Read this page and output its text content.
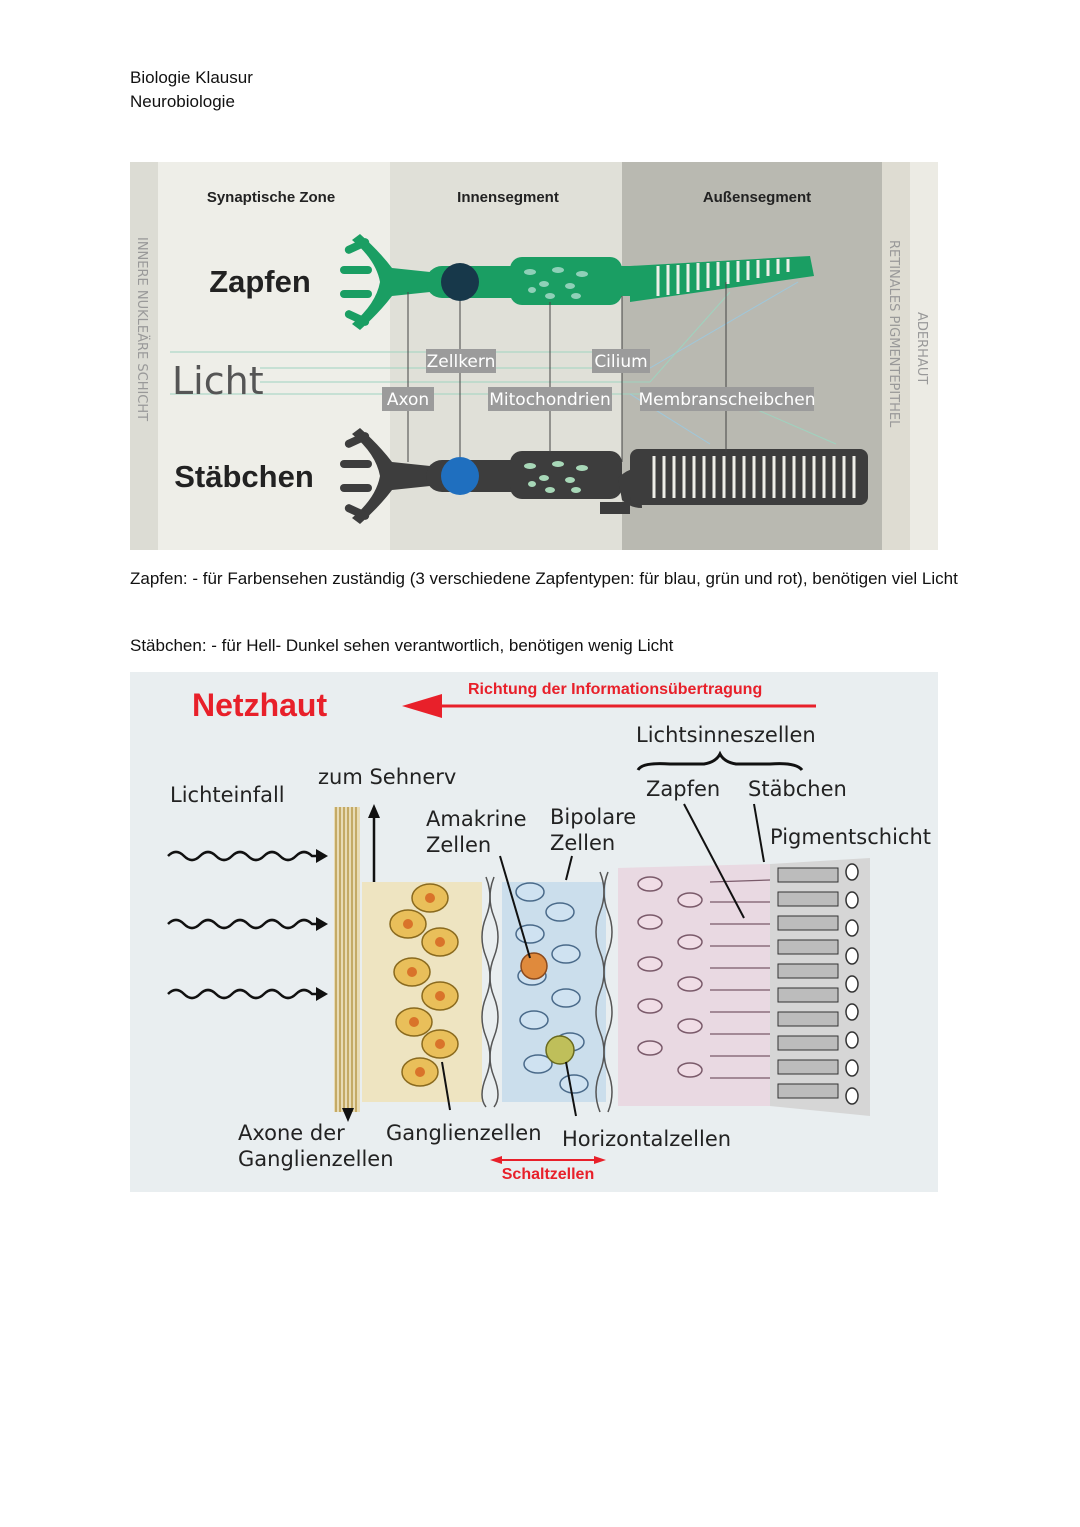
Biologie Klausur
Neurobiologie
Synaptische Zone	Innensegment	Außensegment
INNERE NUKLEÄRE SCHICHT	RETINALES PIGMENTEPITHEL ADERHAUT
Zapfen
Stäbchen
Licht	Zellkern	Cilium
Axon	Mitochondrien Membranscheibchen
Zapfen: - für Farbensehen zuständig (3 verschiedene Zapfentypen: für blau, grün und rot), benötigen viel Licht
Stäbchen: - für Hell- Dunkel sehen verantwortlich, benötigen wenig Licht
Netzhaut	Richtung der Informationsübertragung
Lichtsinneszellen
zum Sehnerv
Lichteinfall	Zapfen Stäbchen
Amakrine
Zellen
Bipolare
Zellen	Pigmentschicht
Axone der
Ganglienzellen
Ganglienzellen Horizontalzellen
Schaltzellen
